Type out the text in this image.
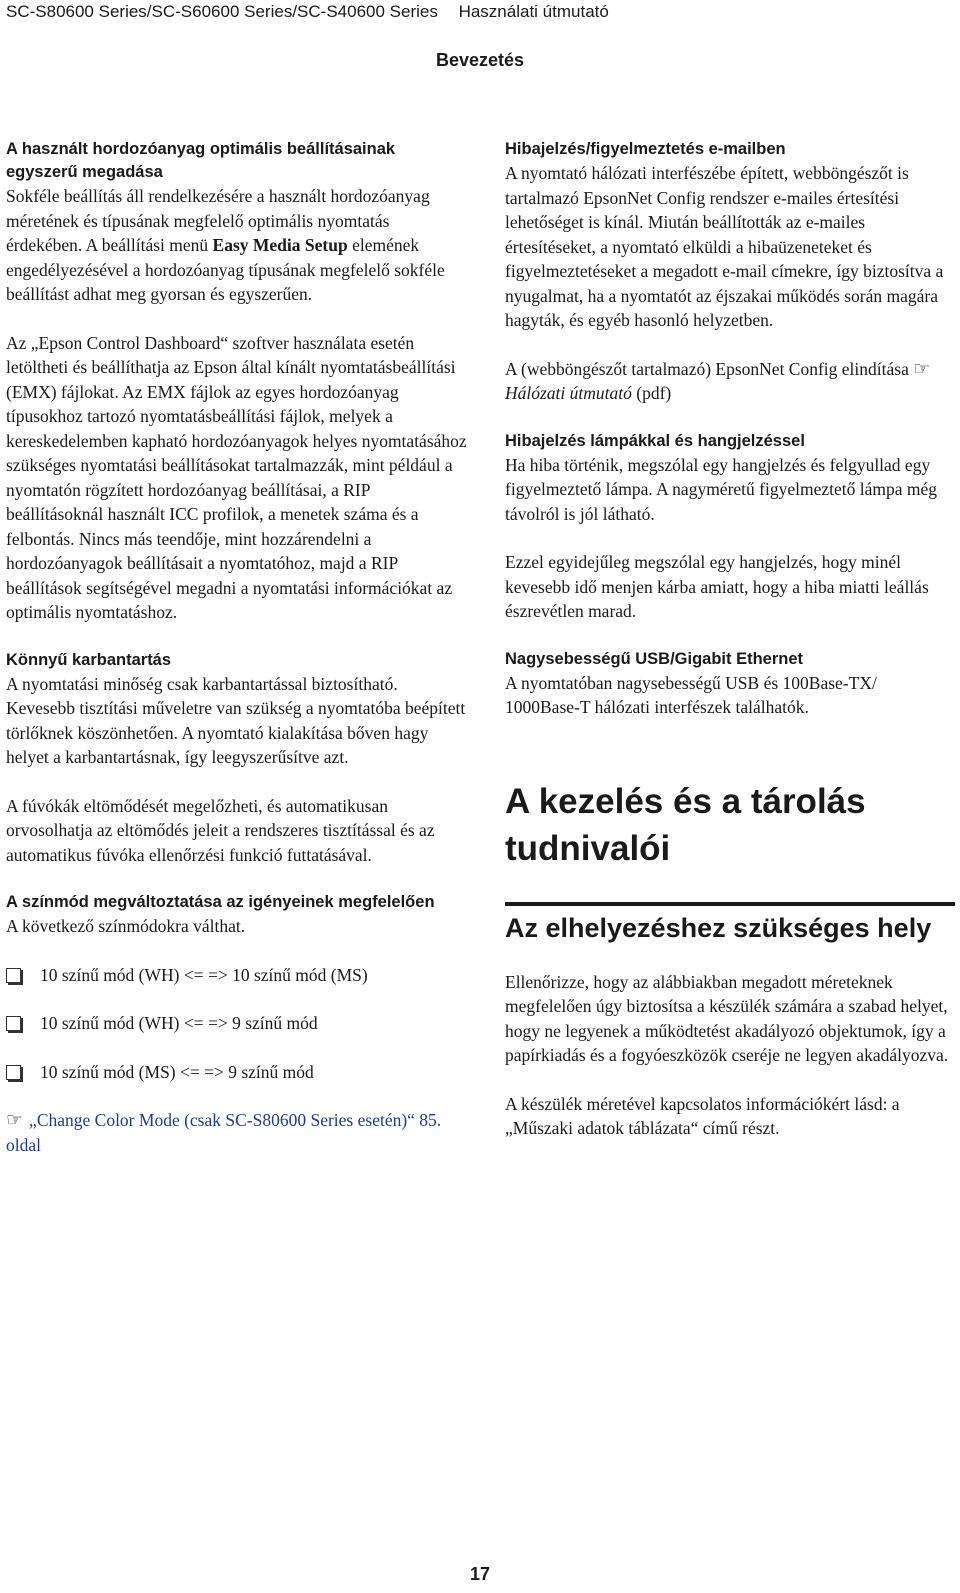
SC-S80600 Series/SC-S60600 Series/SC-S40600 Series Használati útmutató
Bevezetés

A használt hordozóanyag optimális beállításainak egyszerű megadása

Sokféle beállítás áll rendelkezésére a használt hordozóanyag méretének és típusának megfelelő optimális nyomtatás érdekében. A beállítási menü Easy Media Setup elemének engedélyezésével a hordozóanyag típusának megfelelő sokféle beállítást adhat meg gyorsan és egyszerűen.

Az „Epson Control Dashboard“ szoftver használata esetén letöltheti és beállíthatja az Epson által kínált nyomtatásbeállítási (EMX) fájlokat. Az EMX fájlok az egyes hordozóanyag típusokhoz tartozó nyomtatásbeállítási fájlok, melyek a kereskedelemben kapható hordozóanyagok helyes nyomtatásához szükséges nyomtatási beállításokat tartalmazzák, mint például a nyomtatón rögzített hordozóanyag beállításai, a RIP beállításoknál használt ICC profilok, a menetek száma és a felbontás. Nincs más teendője, mint hozzárendelni a hordozóanyagok beállításait a nyomtatóhoz, majd a RIP beállítások segítségével megadni a nyomtatási információkat az optimális nyomtatáshoz.

Könnyű karbantartás

A nyomtatási minőség csak karbantartással biztosítható. Kevesebb tisztítási műveletre van szükség a nyomtatóba beépített törlőknek köszönhetően. A nyomtató kialakítása bőven hagy helyet a karbantartásnak, így leegyszerűsítve azt.

A fúvókák eltömődését megelőzheti, és automatikusan orvosolhatja az eltömődés jeleit a rendszeres tisztítással és az automatikus fúvóka ellenőrzési funkció futtatásával.

A színmód megváltoztatása az igényeinek megfelelően

A következő színmódokra válthat.

10 színű mód (WH) <= => 10 színű mód (MS)
10 színű mód (WH) <= => 9 színű mód
10 színű mód (MS) <= => 9 színű mód
☞ „Change Color Mode (csak SC-S80600 Series esetén)“ 85. oldal

Hibajelzés/figyelmeztetés e-mailben

A nyomtató hálózati interfészébe épített, webböngészőt is tartalmazó EpsonNet Config rendszer e-mailes értesítési lehetőséget is kínál. Miután beállították az e-mailes értesítéseket, a nyomtató elküldi a hibaüzeneteket és figyelmeztetéseket a megadott e-mail címekre, így biztosítva a nyugalmat, ha a nyomtatót az éjszakai működés során magára hagyták, és egyéb hasonló helyzetben.

A (webböngészőt tartalmazó) EpsonNet Config elindítása ☞Hálózati útmutató (pdf)

Hibajelzés lámpákkal és hangjelzéssel

Ha hiba történik, megszólal egy hangjelzés és felgyullad egy figyelmeztető lámpa. A nagyméretű figyelmeztető lámpa még távolról is jól látható.

Ezzel egyidejűleg megszólal egy hangjelzés, hogy minél kevesebb idő menjen kárba amiatt, hogy a hiba miatti leállás észrevétlen marad.

Nagysebességű USB/Gigabit Ethernet

A nyomtatóban nagysebességű USB és 100Base-TX/ 1000Base-T hálózati interfészek találhatók.

A kezelés és a tárolás tudnivalói

Az elhelyezéshez szükséges hely

Ellenőrizze, hogy az alábbiakban megadott méreteknek megfelelően úgy biztosítsa a készülék számára a szabad helyet, hogy ne legyenek a működtetést akadályozó objektumok, így a papírkiadás és a fogyóeszközök cseréje ne legyen akadályozva.

A készülék méretével kapcsolatos információkért lásd: a „Műszaki adatok táblázata“ című részt.

17
